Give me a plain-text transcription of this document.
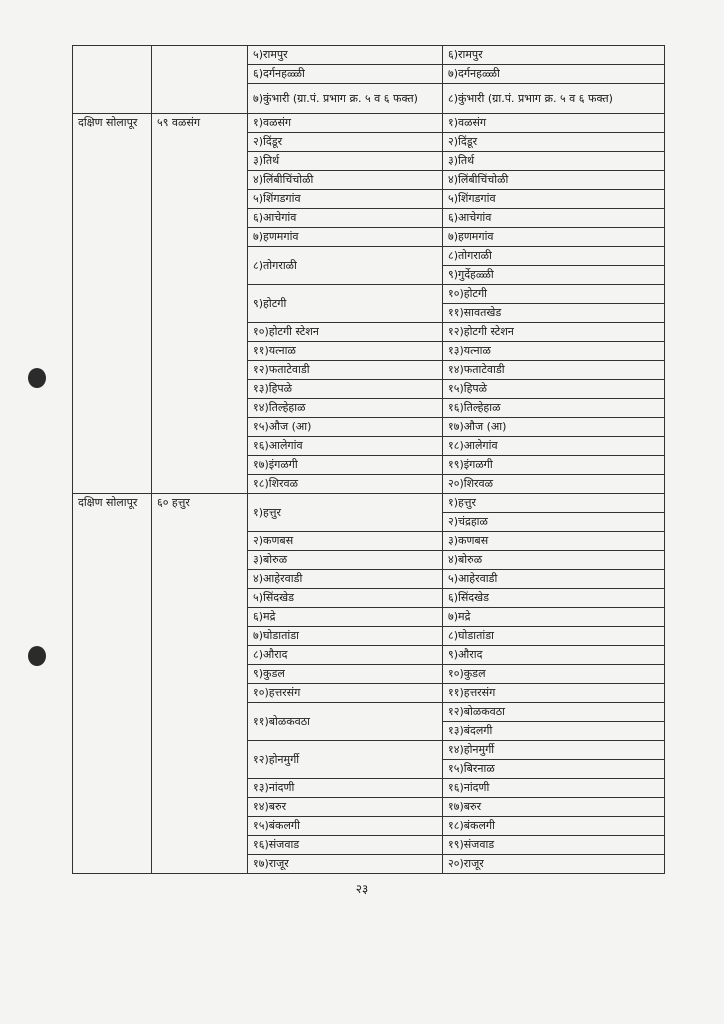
		५)रामपुर	६)रामपुर
		६)दर्गनहळ्ळी	७)दर्गनहळ्ळी
		७)कुंभारी (ग्रा.पं. प्रभाग क्र. ५ व ६ फक्त)	८)कुंभारी (ग्रा.पं. प्रभाग क्र. ५ व ६ फक्त)
दक्षिण सोलापूर	५९ वळसंग	१)वळसंग	१)वळसंग
		२)दिंडूर	२)दिंडूर
		३)तिर्थ	३)तिर्थ
		४)लिंबीचिंचोळी	४)लिंबीचिंचोळी
		५)शिंगडगांव	५)शिंगडगांव
		६)आचेगांव	६)आचेगांव
		७)हणमगांव	७)हणमगांव
		८)तोगराळी	८)तोगराळी
			९)गुर्देहळ्ळी
		९)होटगी	१०)होटगी
			११)सावतखेड
		१०)होटगी स्टेशन	१२)होटगी स्टेशन
		११)यत्नाळ	१३)यत्नाळ
		१२)फताटेवाडी	१४)फताटेवाडी
		१३)हिपळे	१५)हिपळे
		१४)तिल्हेहाळ	१६)तिल्हेहाळ
		१५)औज (आ)	१७)औज (आ)
		१६)आलेगांव	१८)आलेगांव
		१७)इंगळगी	१९)इंगळगी
		१८)शिरवळ	२०)शिरवळ
दक्षिण सोलापूर	६० हत्तुर	१)हत्तुर	१)हत्तुर
			२)चंद्रहाळ
		२)कणबस	३)कणबस
		३)बोरुळ	४)बोरुळ
		४)आहेरवाडी	५)आहेरवाडी
		५)सिंदखेड	६)सिंदखेड
		६)मद्रे	७)मद्रे
		७)घोडातांडा	८)घोडातांडा
		८)औराद	९)औराद
		९)कुडल	१०)कुडल
		१०)हत्तरसंग	११)हत्तरसंग
		११)बोळकवठा	१२)बोळकवठा
			१३)बंदलगी
		१२)होनमुर्गी	१४)होनमुर्गी
			१५)बिरनाळ
		१३)नांदणी	१६)नांदणी
		१४)बरुर	१७)बरुर
		१५)बंकलगी	१८)बंकलगी
		१६)संजवाड	१९)संजवाड
		१७)राजूर	२०)राजूर
२३
